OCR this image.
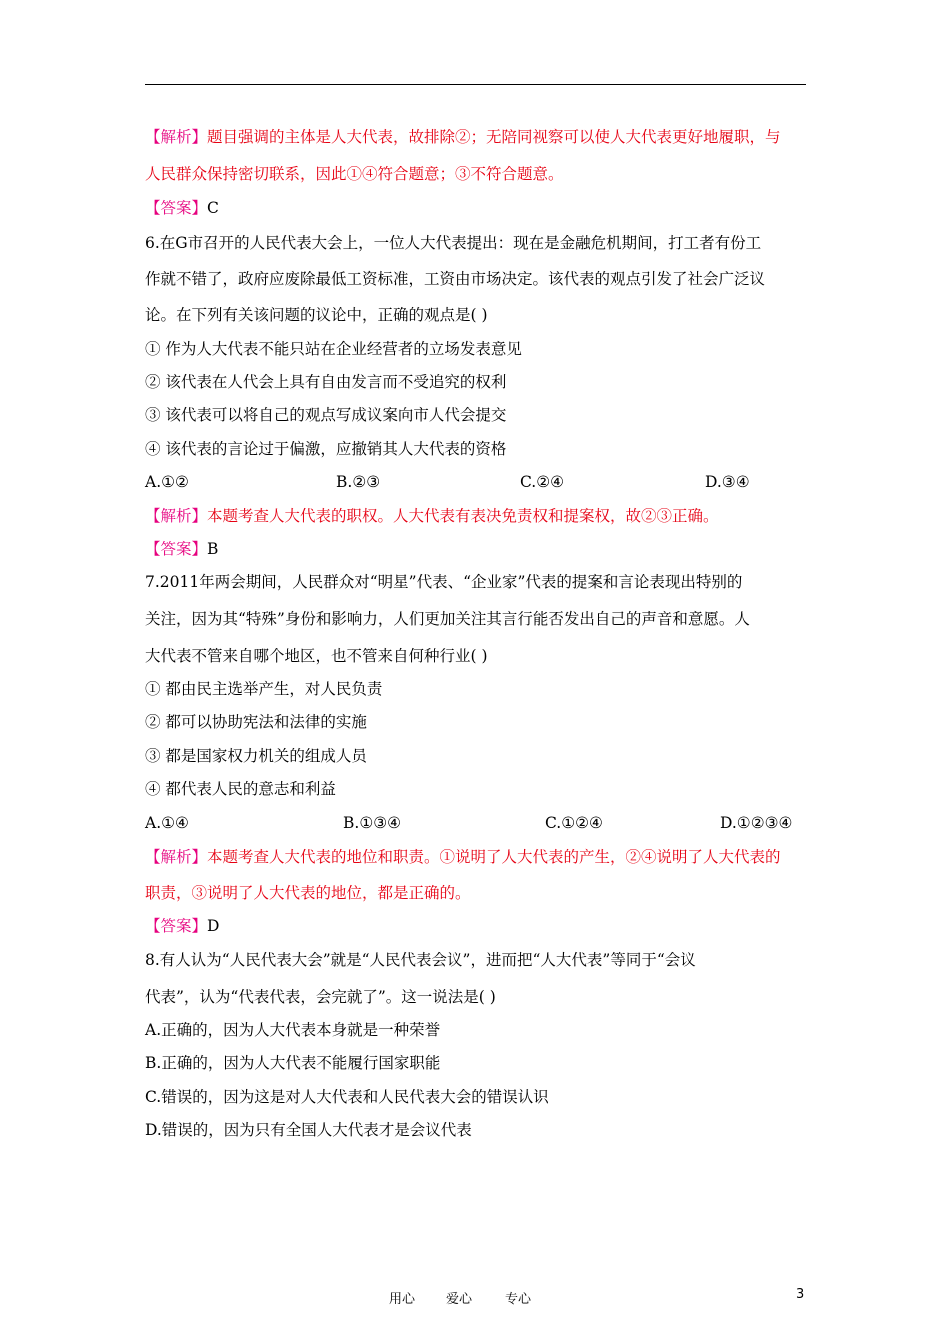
【解析】题目强调的主体是人大代表，故排除②；无陪同视察可以使人大代表更好地履职，与
人民群众保持密切联系，因此①④符合题意；③不符合题意。
【答案】C
6.在G市召开的人民代表大会上，一位人大代表提出：现在是金融危机期间，打工者有份工
作就不错了，政府应废除最低工资标准，工资由市场决定。该代表的观点引发了社会广泛议
论。在下列有关该问题的议论中，正确的观点是( )
① 作为人大代表不能只站在企业经营者的立场发表意见
② 该代表在人代会上具有自由发言而不受追究的权利
③ 该代表可以将自己的观点写成议案向市人代会提交
④ 该代表的言论过于偏激，应撤销其人大代表的资格
A.①②	B.②③	C.②④	D.③④
【解析】本题考查人大代表的职权。人大代表有表决免责权和提案权，故②③正确。
【答案】B
7.2011年两会期间，人民群众对“明星”代表、“企业家”代表的提案和言论表现出特别的
关注，因为其“特殊”身份和影响力，人们更加关注其言行能否发出自己的声音和意愿。人
大代表不管来自哪个地区，也不管来自何种行业( )
① 都由民主选举产生，对人民负责
② 都可以协助宪法和法律的实施
③ 都是国家权力机关的组成人员
④ 都代表人民的意志和利益
A.①④	B.①③④	C.①②④	D.①②③④
【解析】本题考查人大代表的地位和职责。①说明了人大代表的产生，②④说明了人大代表的
职责，③说明了人大代表的地位，都是正确的。
【答案】D
8.有人认为“人民代表大会”就是“人民代表会议”，进而把“人大代表”等同于“会议
代表”，认为“代表代表，会完就了”。这一说法是( )
A.正确的，因为人大代表本身就是一种荣誉
B.正确的，因为人大代表不能履行国家职能
C.错误的，因为这是对人大代表和人民代表大会的错误认识
D.错误的，因为只有全国人大代表才是会议代表
用心 爱心	专心	3
